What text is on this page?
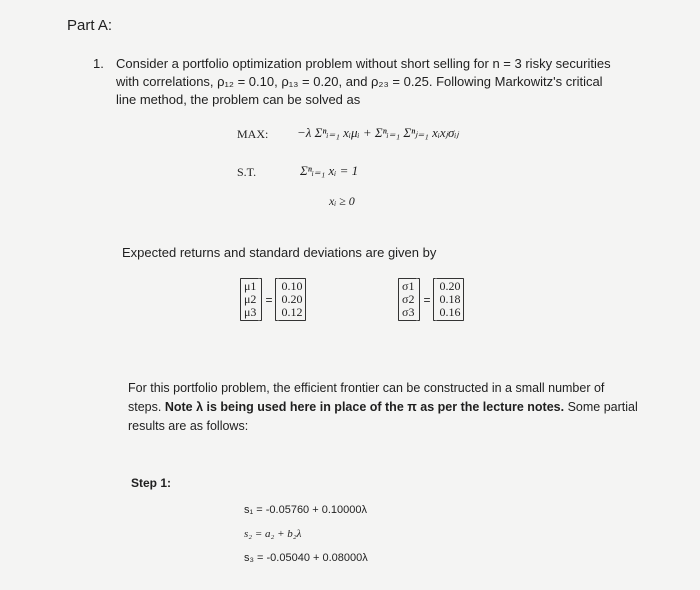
Part A:
1. Consider a portfolio optimization problem without short selling for n = 3 risky securities
with correlations, ρ₁₂ = 0.10, ρ₁₃ = 0.20, and ρ₂₃ = 0.25. Following Markowitz's critical
line method, the problem can be solved as
MAX: −λ Σⁿᵢ₌₁ xᵢμᵢ + Σⁿᵢ₌₁ Σⁿⱼ₌₁ xᵢxⱼσᵢⱼ
S.T.	Σⁿᵢ₌₁ xᵢ = 1
xᵢ ≥ 0
Expected returns and standard deviations are given by
μ1
μ2
μ3
=
0.10
0.20
0.12
σ1
σ2
σ3
=
0.20
0.18
0.16
For this portfolio problem, the efficient frontier can be constructed in a small number of
steps. Note λ is being used here in place of the π as per the lecture notes. Some partial
results are as follows:
Step 1:
s₁ = -0.05760 + 0.10000λ
s₂ = a₂ + b₂λ
s₃ = -0.05040 + 0.08000λ
